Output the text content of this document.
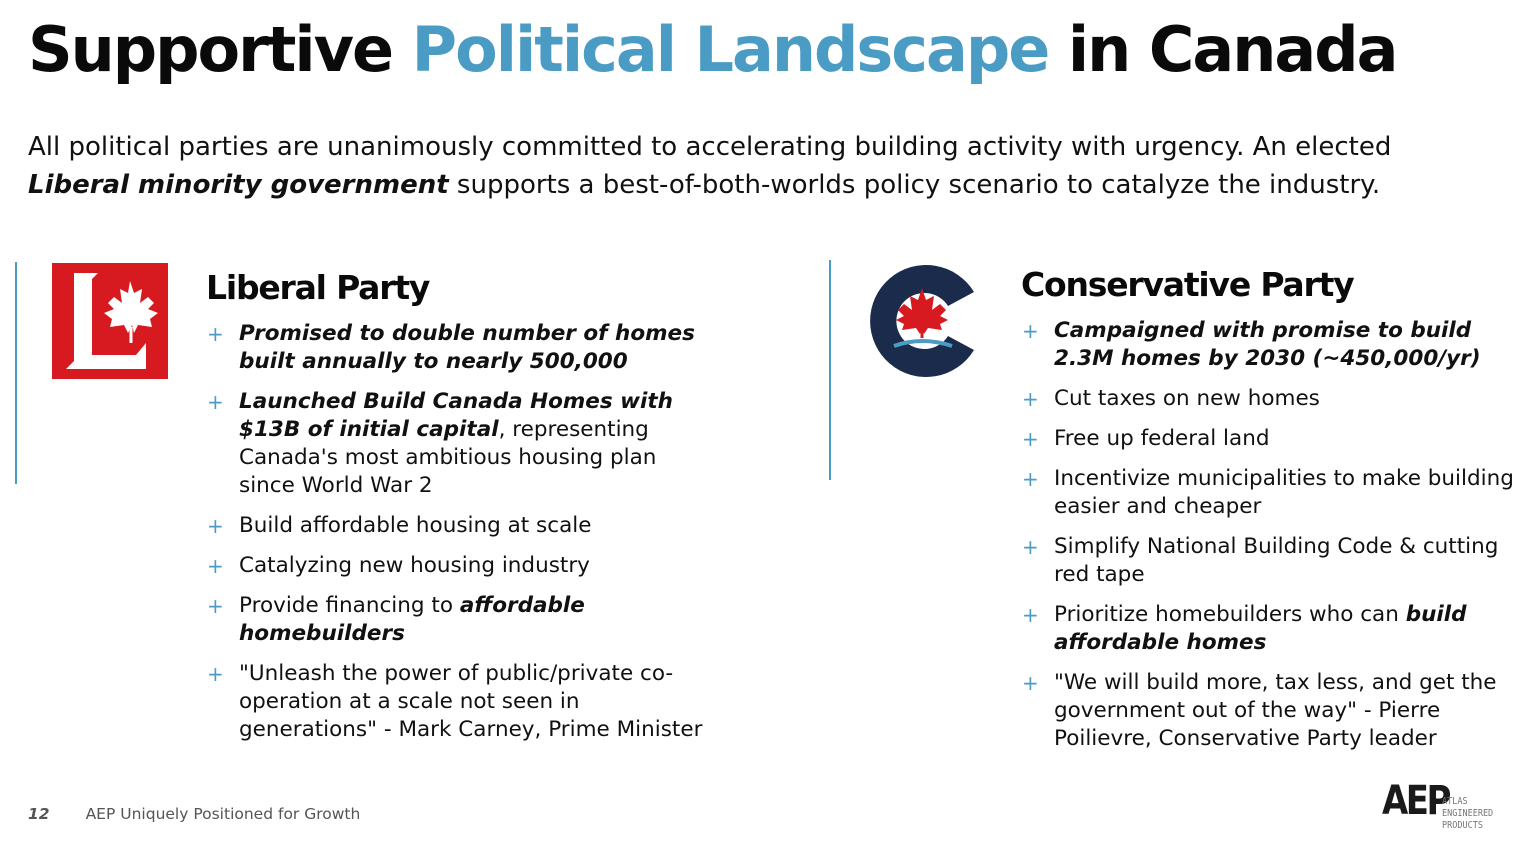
Supportive Political Landscape in Canada
All political parties are unanimously committed to accelerating building activity with urgency. An elected
Liberal minority government supports a best-of-both-worlds policy scenario to catalyze the industry.
Liberal Party
+ Promised to double number of homes built annually to nearly 500,000
+ Launched Build Canada Homes with $13B of initial capital, representing Canada's most ambitious housing plan since World War 2
+ Build affordable housing at scale
+ Catalyzing new housing industry
+ Provide financing to affordable homebuilders
+ "Unleash the power of public/private co-operation at a scale not seen in generations" - Mark Carney, Prime Minister
Conservative Party
+ Campaigned with promise to build 2.3M homes by 2030 (~450,000/yr)
+ Cut taxes on new homes
+ Free up federal land
+ Incentivize municipalities to make building easier and cheaper
+ Simplify National Building Code & cutting red tape
+ Prioritize homebuilders who can build affordable homes
+ "We will build more, tax less, and get the government out of the way" - Pierre Poilievre, Conservative Party leader
12 AEP Uniquely Positioned for Growth	AEP
ATLAS ENGINEERED PRODUCTS
